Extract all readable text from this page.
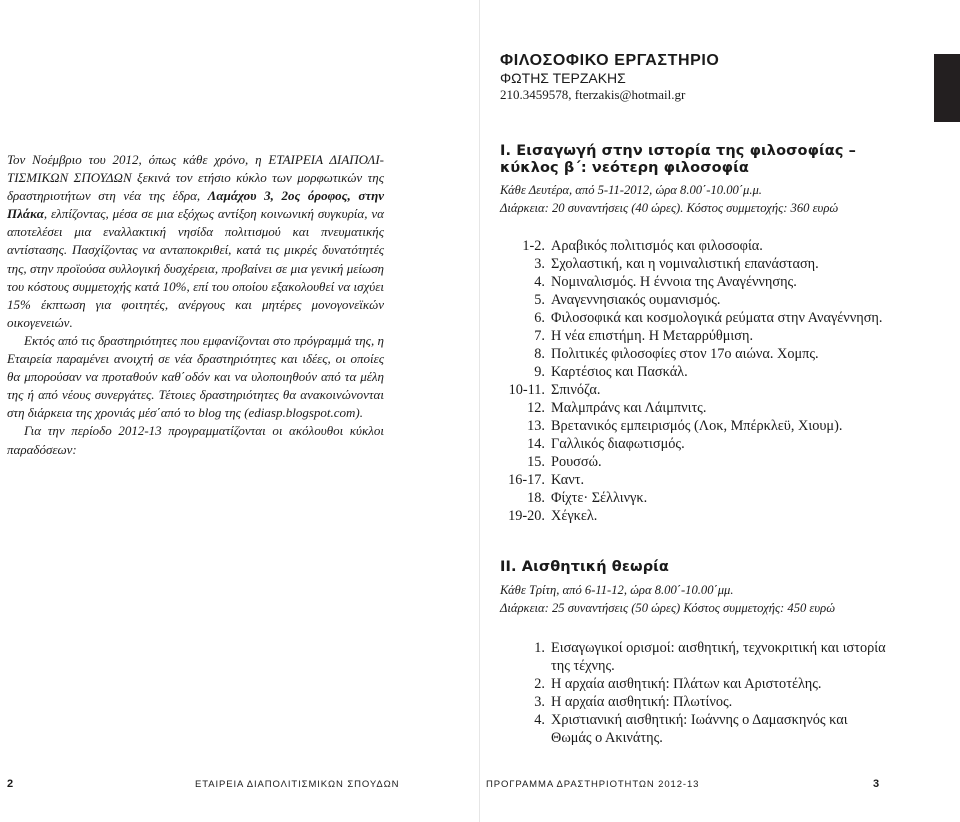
ΦΙΛΟΣΟΦΙΚΟ ΕΡΓΑΣΤΗΡΙΟ
ΦΩΤΗΣ ΤΕΡΖΑΚΗΣ
210.3459578, fterzakis@hotmail.gr

Τον Νοέμβριο του 2012, όπως κάθε χρόνο, η ΕΤΑΙΡΕΙΑ ΔΙΑΠΟΛΙ-ΤΙΣΜΙΚΩΝ ΣΠΟΥΔΩΝ ξεκινά τον ετήσιο κύκλο των μορφωτικών της δραστηριοτήτων στη νέα της έδρα, Λαμάχου 3, 2ος όροφος, στην Πλάκα, ελπίζοντας, μέσα σε μια εξόχως αντίξοη κοινωνική συγκυρία, να αποτελέσει μια εναλλακτική νησίδα πολιτισμού και πνευματικής αντίστασης. Πασχίζοντας να ανταποκριθεί, κατά τις μικρές δυνατότητές της, στην προϊούσα συλλογική δυσχέρεια, προβαίνει σε μια γενική μείωση του κόστους συμμετοχής κατά 10%, επί του οποίου εξακολουθεί να ισχύει 15% έκπτωση για φοιτητές, ανέργους και μητέρες μονογονεϊκών οικογενειών.

Εκτός από τις δραστηριότητες που εμφανίζονται στο πρόγραμμά της, η Εταιρεία παραμένει ανοιχτή σε νέα δραστηριότητες και ιδέες, οι οποίες θα μπορούσαν να προταθούν καθ΄οδόν και να υλοποιηθούν από τα μέλη της ή από νέους συνεργάτες. Τέτοιες δραστηριότητες θα ανακοινώνονται στη διάρκεια της χρονιάς μέσ΄από το blog της (ediasp.blogspot.com).

Για την περίοδο 2012-13 προγραμματίζονται οι ακόλουθοι κύκλοι παραδόσεων:

Ι. Εισαγωγή στην ιστορία της φιλοσοφίας –
κύκλος β΄: νεότερη φιλοσοφία
Κάθε Δευτέρα, από 5-11-2012, ώρα 8.00΄-10.00΄μ.μ.
Διάρκεια: 20 συναντήσεις (40 ώρες). Κόστος συμμετοχής: 360 ευρώ
1-2. Αραβικός πολιτισμός και φιλοσοφία.
3. Σχολαστική, και η νομιναλιστική επανάσταση.
4. Νομιναλισμός. Η έννοια της Αναγέννησης.
5. Αναγεννησιακός ουμανισμός.
6. Φιλοσοφικά και κοσμολογικά ρεύματα στην Αναγέννηση.
7. Η νέα επιστήμη. Η Μεταρρύθμιση.
8. Πολιτικές φιλοσοφίες στον 17ο αιώνα. Χομπς.
9. Καρτέσιος και Πασκάλ.
10-11. Σπινόζα.
12. Μαλμπράνς και Λάιμπνιτς.
13. Βρετανικός εμπειρισμός (Λοκ, Μπέρκλεϋ, Χιουμ).
14. Γαλλικός διαφωτισμός.
15. Ρουσσώ.
16-17. Καντ.
18. Φίχτε· Σέλλινγκ.
19-20. Χέγκελ.
ΙΙ. Αισθητική θεωρία
Κάθε Τρίτη, από 6-11-12, ώρα 8.00΄-10.00΄μμ.
Διάρκεια: 25 συναντήσεις (50 ώρες) Κόστος συμμετοχής: 450 ευρώ
1. Εισαγωγικοί ορισμοί: αισθητική, τεχνοκριτική και ιστορία της τέχνης.
2. Η αρχαία αισθητική: Πλάτων και Αριστοτέλης.
3. Η αρχαία αισθητική: Πλωτίνος.
4. Χριστιανική αισθητική: Ιωάννης ο Δαμασκηνός και Θωμάς ο Ακινάτης.
2	ΕΤΑΙΡΕΙΑ ΔΙΑΠΟΛΙΤΙΣΜΙΚΩΝ ΣΠΟΥΔΩΝ	ΠΡΟΓΡΑΜΜΑ ΔΡΑΣΤΗΡΙΟΤΗΤΩΝ 2012-13	3
